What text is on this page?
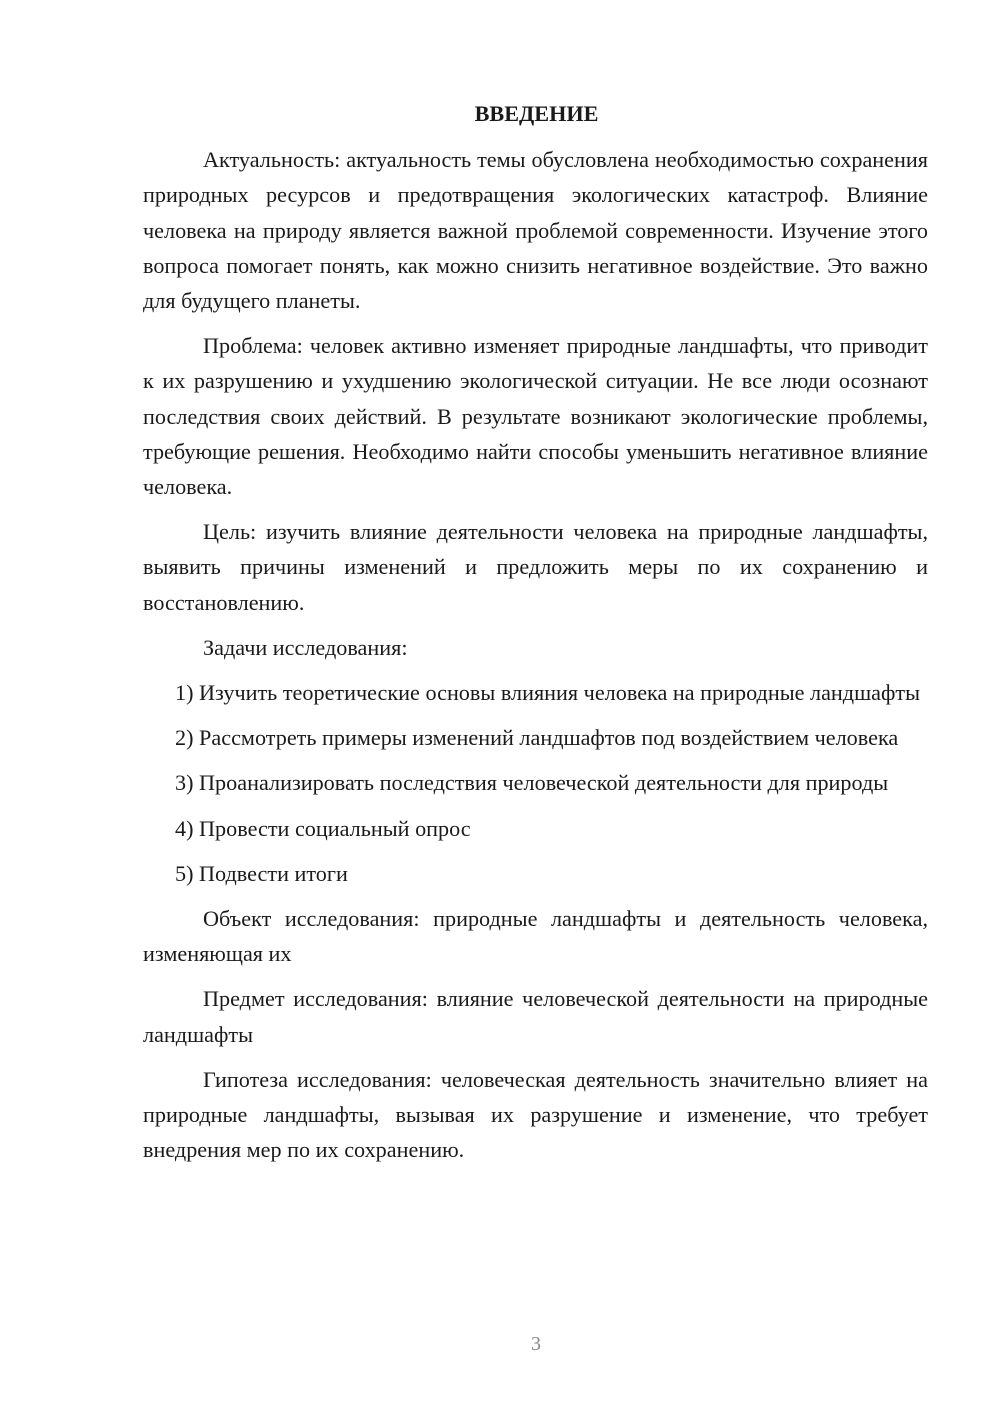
ВВЕДЕНИЕ

Актуальность: актуальность темы обусловлена необходимостью сохранения природных ресурсов и предотвращения экологических катастроф. Влияние человека на природу является важной проблемой современности. Изучение этого вопроса помогает понять, как можно снизить негативное воздействие. Это важно для будущего планеты.

Проблема: человек активно изменяет природные ландшафты, что приводит к их разрушению и ухудшению экологической ситуации. Не все люди осознают последствия своих действий. В результате возникают экологические проблемы, требующие решения. Необходимо найти способы уменьшить негативное влияние человека.

Цель: изучить влияние деятельности человека на природные ландшафты, выявить причины изменений и предложить меры по их сохранению и восстановлению.

Задачи исследования:

1) Изучить теоретические основы влияния человека на природные ландшафты

2) Рассмотреть примеры изменений ландшафтов под воздействием человека

3) Проанализировать последствия человеческой деятельности для природы

4) Провести социальный опрос

5) Подвести итоги

Объект исследования: природные ландшафты и деятельность человека, изменяющая их

Предмет исследования: влияние человеческой деятельности на природные ландшафты

Гипотеза исследования: человеческая деятельность значительно влияет на природные ландшафты, вызывая их разрушение и изменение, что требует внедрения мер по их сохранению.

3
